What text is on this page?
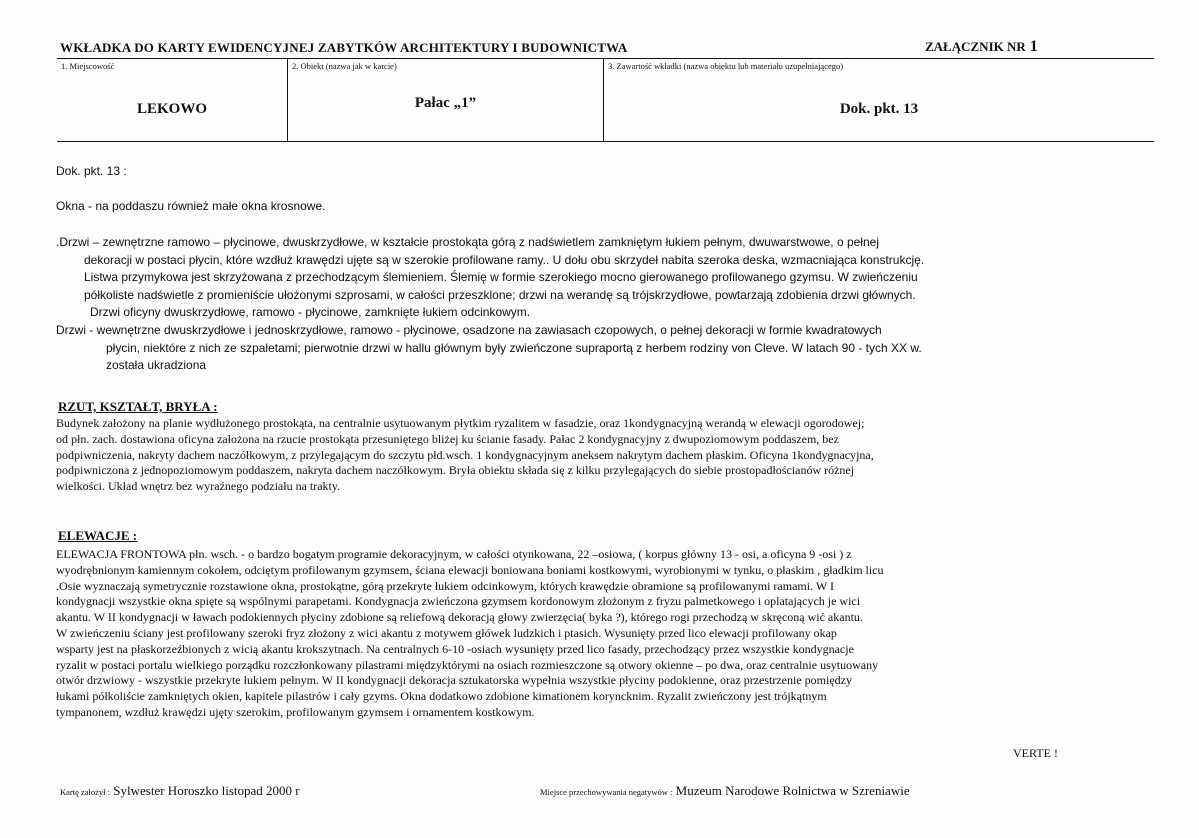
WKŁADKA DO KARTY EWIDENCYJNEJ ZABYTKÓW ARCHITEKTURY I BUDOWNICTWA	ZAŁĄCZNIK NR 1
1. Miejscowość
LEKOWO
2. Obiekt (nazwa jak w karcie)
Pałac „1”
3. Zawartość wkładki (nazwa obiektu lub materiału uzupełniającego)
Dok. pkt. 13

Dok. pkt. 13 :

Okna - na poddaszu również małe okna krosnowe.

.Drzwi – zewnętrzne ramowo – płycinowe, dwuskrzydłowe, w kształcie prostokąta górą z nadświetlem zamkniętym łukiem pełnym, dwuwarstwowe, o pełnej
dekoracji w postaci płycin, które wzdłuż krawędzi ujęte są w szerokie profilowane ramy.. U dołu obu skrzydeł nabita szeroka deska, wzmacniająca konstrukcję.
Listwa przymykowa jest skrzyżowana z przechodzącym ślemieniem. Ślemię w formie szerokiego mocno gierowanego profilowanego gzymsu. W zwieńczeniu
półkoliste nadświetle z promieniście ułożonymi szprosami, w całości przeszklone; drzwi na werandę są trójskrzydłowe, powtarzają zdobienia drzwi głównych.
Drzwi oficyny dwuskrzydłowe, ramowo - płycinowe, zamknięte łukiem odcinkowym.
Drzwi - wewnętrzne dwuskrzydłowe i jednoskrzydłowe, ramowo - płycinowe, osadzone na zawiasach czopowych, o pełnej dekoracji w formie kwadratowych
płycin, niektóre z nich ze szpaletami; pierwotnie drzwi w hallu głównym były zwieńczone supraportą z herbem rodziny von Cleve. W latach 90 - tych XX w.
została ukradziona
RZUT, KSZTAŁT, BRYŁA :
Budynek założony na planie wydłużonego prostokąta, na centralnie usytuowanym płytkim ryzalitem w fasadzie, oraz 1kondygnacyjną werandą w elewacji ogorodowej;
od płn. zach. dostawiona oficyna założona na rzucie prostokąta przesuniętego bliżej ku ścianie fasady. Pałac 2 kondygnacyjny z dwupoziomowym poddaszem, bez
podpiwniczenia, nakryty dachem naczółkowym, z przylegającym do szczytu płd.wsch. 1 kondygnacyjnym aneksem nakrytym dachem płaskim. Oficyna 1kondygnacyjna,
podpiwniczona z jednopoziomowym poddaszem, nakryta dachem naczółkowym. Bryła obiektu składa się z kilku przylegających do siebie prostopadłościanów różnej
wielkości. Układ wnętrz bez wyraźnego podziału na trakty.
ELEWACJE :
ELEWACJA FRONTOWA płn. wsch. - o bardzo bogatym programie dekoracyjnym, w całości otynkowana, 22 –osiowa, ( korpus główny 13 - osi, a oficyna 9 -osi ) z
wyodrębnionym kamiennym cokołem, odciętym profilowanym gzymsem, ściana elewacji boniowana boniami kostkowymi, wyrobionymi w tynku, o płaskim , gładkim licu
.Osie wyznaczają symetrycznie rozstawione okna, prostokątne, górą przekryte łukiem odcinkowym, których krawędzie obramione są profilowanymi ramami. W I
kondygnacji wszystkie okna spięte są wspólnymi parapetami. Kondygnacja zwieńczona gzymsem kordonowym złożonym z fryzu palmetkowego i oplatających je wici
akantu. W II kondygnacji w ławach podokiennych płyciny zdobione są reliefową dekoracją głowy zwierzęcia( byka ?), którego rogi przechodzą w skręconą wić akantu.
W zwieńczeniu ściany jest profilowany szeroki fryz złożony z wici akantu z motywem główek ludzkich i ptasich. Wysunięty przed lico elewacji profilowany okap
wsparty jest na płaskorzeźbionych z wicią akantu krokszytnach. Na centralnych 6-10 -osiach wysunięty przed lico fasady, przechodzący przez wszystkie kondygnacje
ryzalit w postaci portalu wielkiego porządku rozczłonkowany pilastrami międzyktórymi na osiach rozmieszczone są otwory okienne – po dwa, oraz centralnie usytuowany
otwór drzwiowy - wszystkie przekryte łukiem pełnym. W II kondygnacji dekoracja sztukatorska wypełnia wszystkie płyciny podokienne, oraz przestrzenie pomiędzy
łukami półkoliście zamkniętych okien, kapitele pilastrów i cały gzyms. Okna dodatkowo zdobione kimationem koryncknim. Ryzalit zwieńczony jest trójkątnym
tympanonem, wzdłuż krawędzi ujęty szerokim, profilowanym gzymsem i ornamentem kostkowym.
VERTE !
Kartę założył : Sylwester Horoszko listopad 2000 r	Miejsce przechowywania negatywów : Muzeum Narodowe Rolnictwa w Szreniawie
